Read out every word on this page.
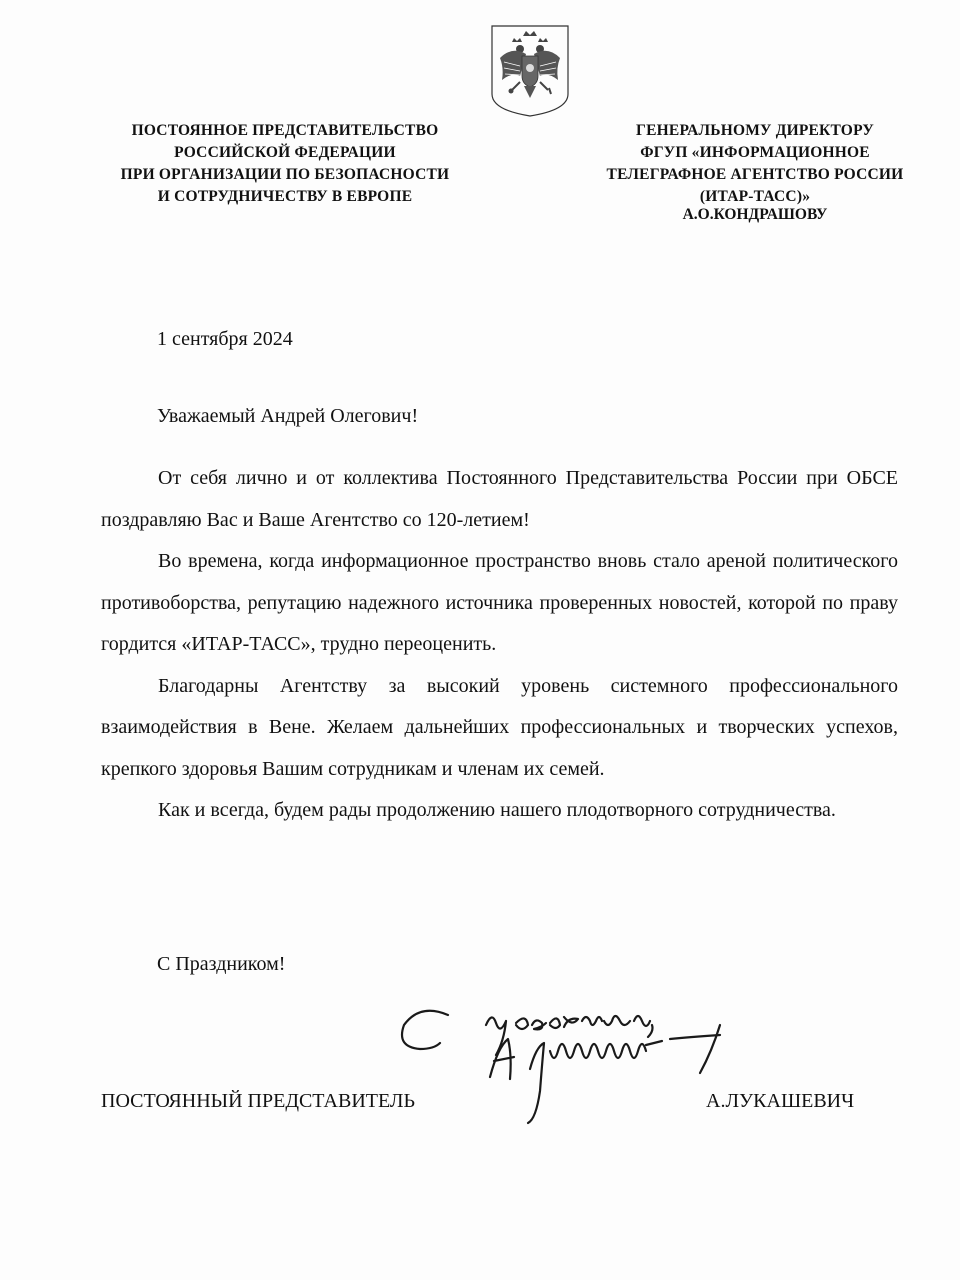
ПОСТОЯННОЕ ПРЕДСТАВИТЕЛЬСТВО
РОССИЙСКОЙ ФЕДЕРАЦИИ
ПРИ ОРГАНИЗАЦИИ ПО БЕЗОПАСНОСТИ
И СОТРУДНИЧЕСТВУ В ЕВРОПЕ
ГЕНЕРАЛЬНОМУ ДИРЕКТОРУ
ФГУП «ИНФОРМАЦИОННОЕ
ТЕЛЕГРАФНОЕ АГЕНТСТВО РОССИИ
(ИТАР-ТАСС)»
А.О.КОНДРАШОВУ
1 сентября 2024
Уважаемый Андрей Олегович!

От себя лично и от коллектива Постоянного Представительства России при ОБСЕ поздравляю Вас и Ваше Агентство со 120-летием!

Во времена, когда информационное пространство вновь стало ареной политического противоборства, репутацию надежного источника проверенных новостей, которой по праву гордится «ИТАР-ТАСС», трудно переоценить.

Благодарны Агентству за высокий уровень системного профессионального взаимодействия в Вене. Желаем дальнейших профессиональных и творческих успехов, крепкого здоровья Вашим сотрудникам и членам их семей.

Как и всегда, будем рады продолжению нашего плодотворного сотрудничества.

С Праздником!
ПОСТОЯННЫЙ ПРЕДСТАВИТЕЛЬ	А.ЛУКАШЕВИЧ
